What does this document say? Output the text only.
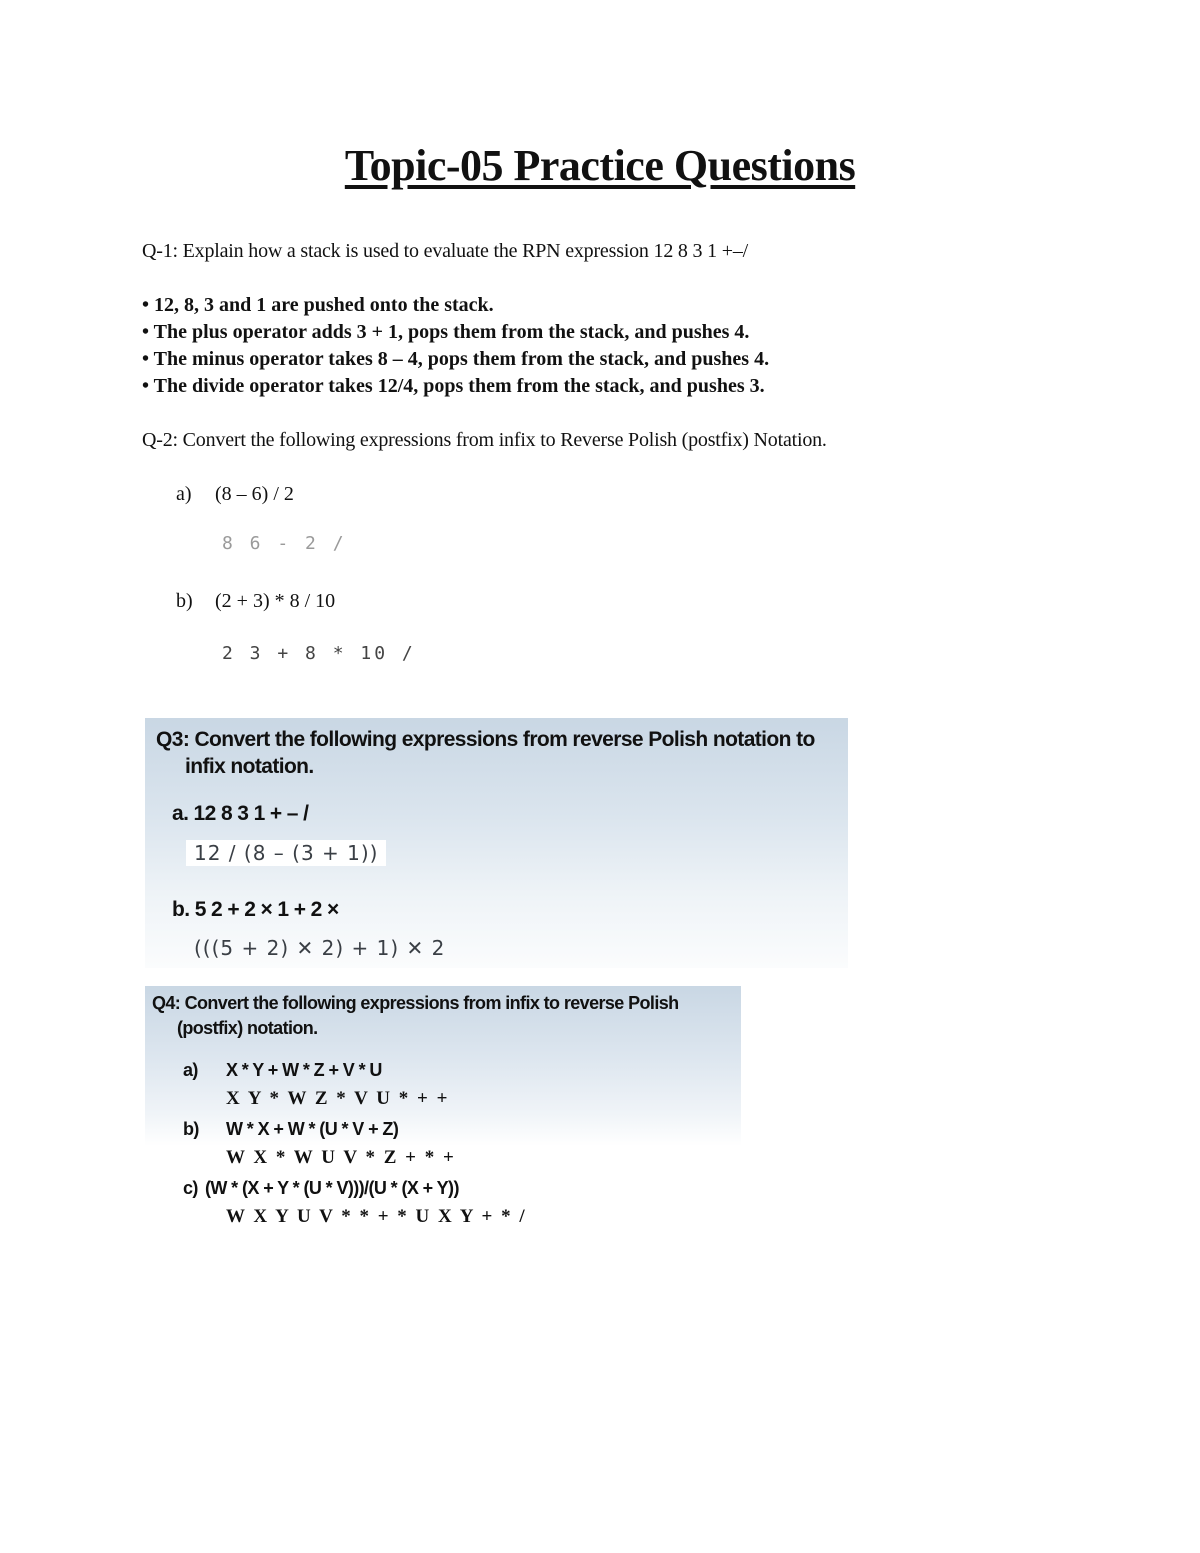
Topic-05 Practice Questions
Q-1: Explain how a stack is used to evaluate the RPN expression 12 8 3 1 +–/
• 12, 8, 3 and 1 are pushed onto the stack.
• The plus operator adds 3 + 1, pops them from the stack, and pushes 4.
• The minus operator takes 8 – 4, pops them from the stack, and pushes 4.
• The divide operator takes 12/4, pops them from the stack, and pushes 3.
Q-2: Convert the following expressions from infix to Reverse Polish (postfix) Notation.
a) (8 – 6) / 2
8 6 - 2 /
b) (2 + 3) * 8 / 10
2 3 + 8 * 10 /
Q3: Convert the following expressions from reverse Polish notation to
infix notation.
a. 12 8 3 1 + – /
12 / (8 – (3 + 1))
b. 5 2 + 2 × 1 + 2 ×
(((5 + 2) ✕ 2) + 1) ✕ 2
Q4: Convert the following expressions from infix to reverse Polish
(postfix) notation.
a) X * Y + W * Z + V * U
X Y * W Z * V U * + +
b) W * X + W * (U * V + Z)
W X * W U V * Z + * +
c) (W * (X + Y * (U * V)))/(U * (X + Y))
W X Y U V * * + * U X Y + * /
